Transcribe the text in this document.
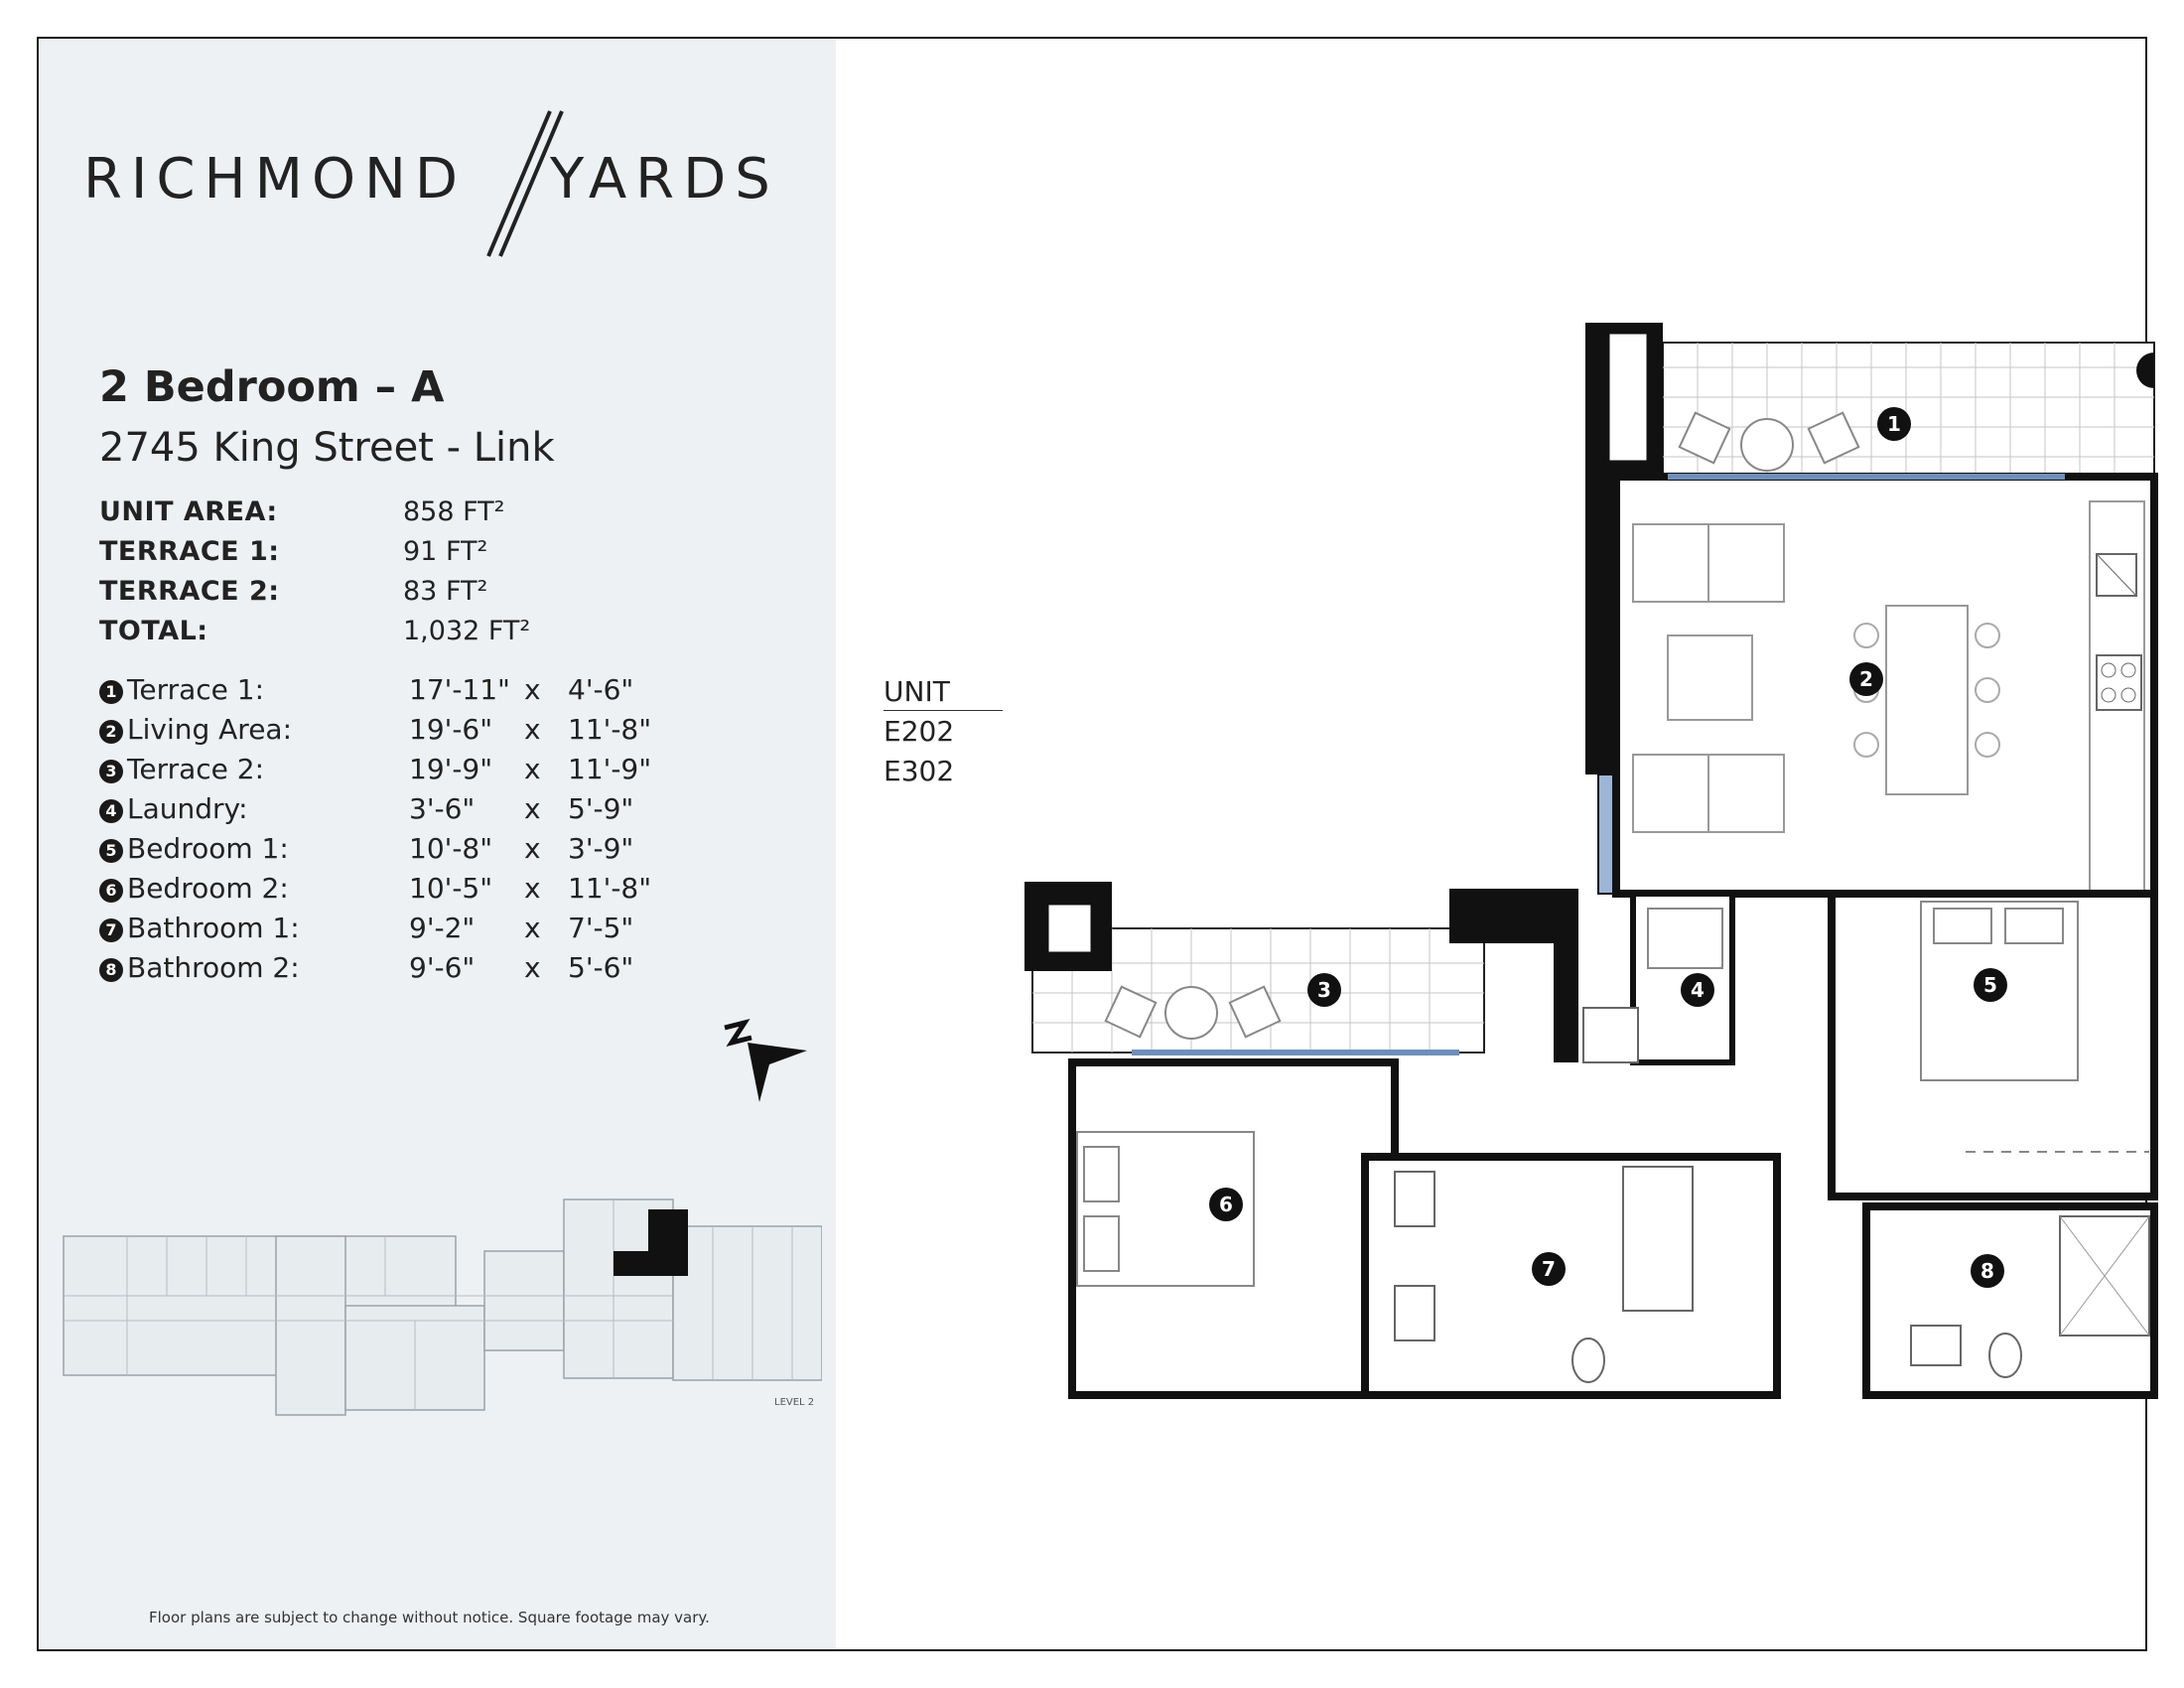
RICHMOND YARDS
2 Bedroom – A
2745 King Street - Link
UNIT AREA:	858 FT²
TERRACE 1:	91 FT²
TERRACE 2:	83 FT²
TOTAL:	1,032 FT²
1 Terrace 1:	17'-11" x 4'-6"
2 Living Area:	19'-6" x 11'-8"
3 Terrace 2:	19'-9" x 11'-9"
4 Laundry:	3'-6" x 5'-9"
5 Bedroom 1:	10'-8" x 3'-9"
6 Bedroom 2:	10'-5" x 11'-8"
7 Bathroom 1:	9'-2" x 7'-5"
8 Bathroom 2:	9'-6" x 5'-6"
LEVEL 2
Floor plans are subject to change without notice. Square footage may vary.
UNIT
E202
E302
1
2
3	4	5
6
7	8
